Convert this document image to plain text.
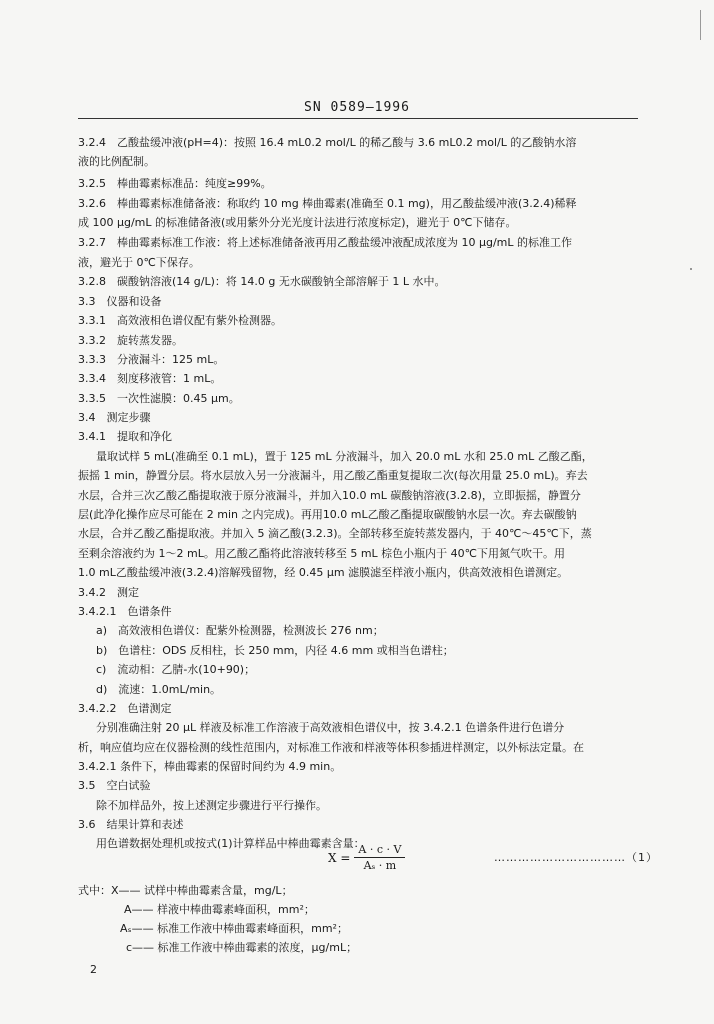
SN 0589—1996
3.2.4　乙酸盐缓冲液(pH=4)：按照 16.4 mL0.2 mol/L 的稀乙酸与 3.6 mL0.2 mol/L 的乙酸钠水溶
液的比例配制。
3.2.5　棒曲霉素标准品：纯度≥99%。
3.2.6　棒曲霉素标准储备液：称取约 10 mg 棒曲霉素(准确至 0.1 mg)，用乙酸盐缓冲液(3.2.4)稀释
成 100 μg/mL 的标准储备液(或用紫外分光光度计法进行浓度标定)，避光于 0℃下储存。
3.2.7　棒曲霉素标准工作液：将上述标准储备液再用乙酸盐缓冲液配成浓度为 10 μg/mL 的标准工作
液，避光于 0℃下保存。
3.2.8　碳酸钠溶液(14 g/L)：将 14.0 g 无水碳酸钠全部溶解于 1 L 水中。
3.3　仪器和设备
3.3.1　高效液相色谱仪配有紫外检测器。
3.3.2　旋转蒸发器。
3.3.3　分液漏斗：125 mL。
3.3.4　刻度移液管：1 mL。
3.3.5　一次性滤膜：0.45 μm。
3.4　测定步骤
3.4.1　提取和净化
量取试样 5 mL(准确至 0.1 mL)，置于 125 mL 分液漏斗，加入 20.0 mL 水和 25.0 mL 乙酸乙酯，
振摇 1 min，静置分层。将水层放入另一分液漏斗，用乙酸乙酯重复提取二次(每次用量 25.0 mL)。弃去
水层，合并三次乙酸乙酯提取液于原分液漏斗，并加入10.0 mL 碳酸钠溶液(3.2.8)，立即振摇，静置分
层(此净化操作应尽可能在 2 min 之内完成)。再用10.0 mL乙酸乙酯提取碳酸钠水层一次。弃去碳酸钠
水层，合并乙酸乙酯提取液。并加入 5 滴乙酸(3.2.3)。全部转移至旋转蒸发器内，于 40℃～45℃下，蒸
至剩余溶液约为 1～2 mL。用乙酸乙酯将此溶液转移至 5 mL 棕色小瓶内于 40℃下用氮气吹干。用
1.0 mL乙酸盐缓冲液(3.2.4)溶解残留物，经 0.45 μm 滤膜滤至样液小瓶内，供高效液相色谱测定。
3.4.2　测定
3.4.2.1　色谱条件
a)　高效液相色谱仪：配紫外检测器，检测波长 276 nm；
b)　色谱柱：ODS 反相柱，长 250 mm，内径 4.6 mm 或相当色谱柱；
c)　流动相：乙腈-水(10+90)；
d)　流速：1.0mL/min。
3.4.2.2　色谱测定
分别准确注射 20 μL 样液及标准工作溶液于高效液相色谱仪中，按 3.4.2.1 色谱条件进行色谱分
析，响应值均应在仪器检测的线性范围内，对标准工作液和样液等体积参插进样测定，以外标法定量。在
3.4.2.1 条件下，棒曲霉素的保留时间约为 4.9 min。
3.5　空白试验
除不加样品外，按上述测定步骤进行平行操作。
3.6　结果计算和表述
用色谱数据处理机或按式(1)计算样品中棒曲霉素含量：
$X = \frac{A \cdot c \cdot V}{\text{Aₛ · m}}$	……………………………（1）
式中：X—— 试样中棒曲霉素含量，mg/L；
A—— 样液中棒曲霉素峰面积，mm²；
Aₛ—— 标准工作液中棒曲霉素峰面积，mm²；
c—— 标准工作液中棒曲霉素的浓度，μg/mL；
2
